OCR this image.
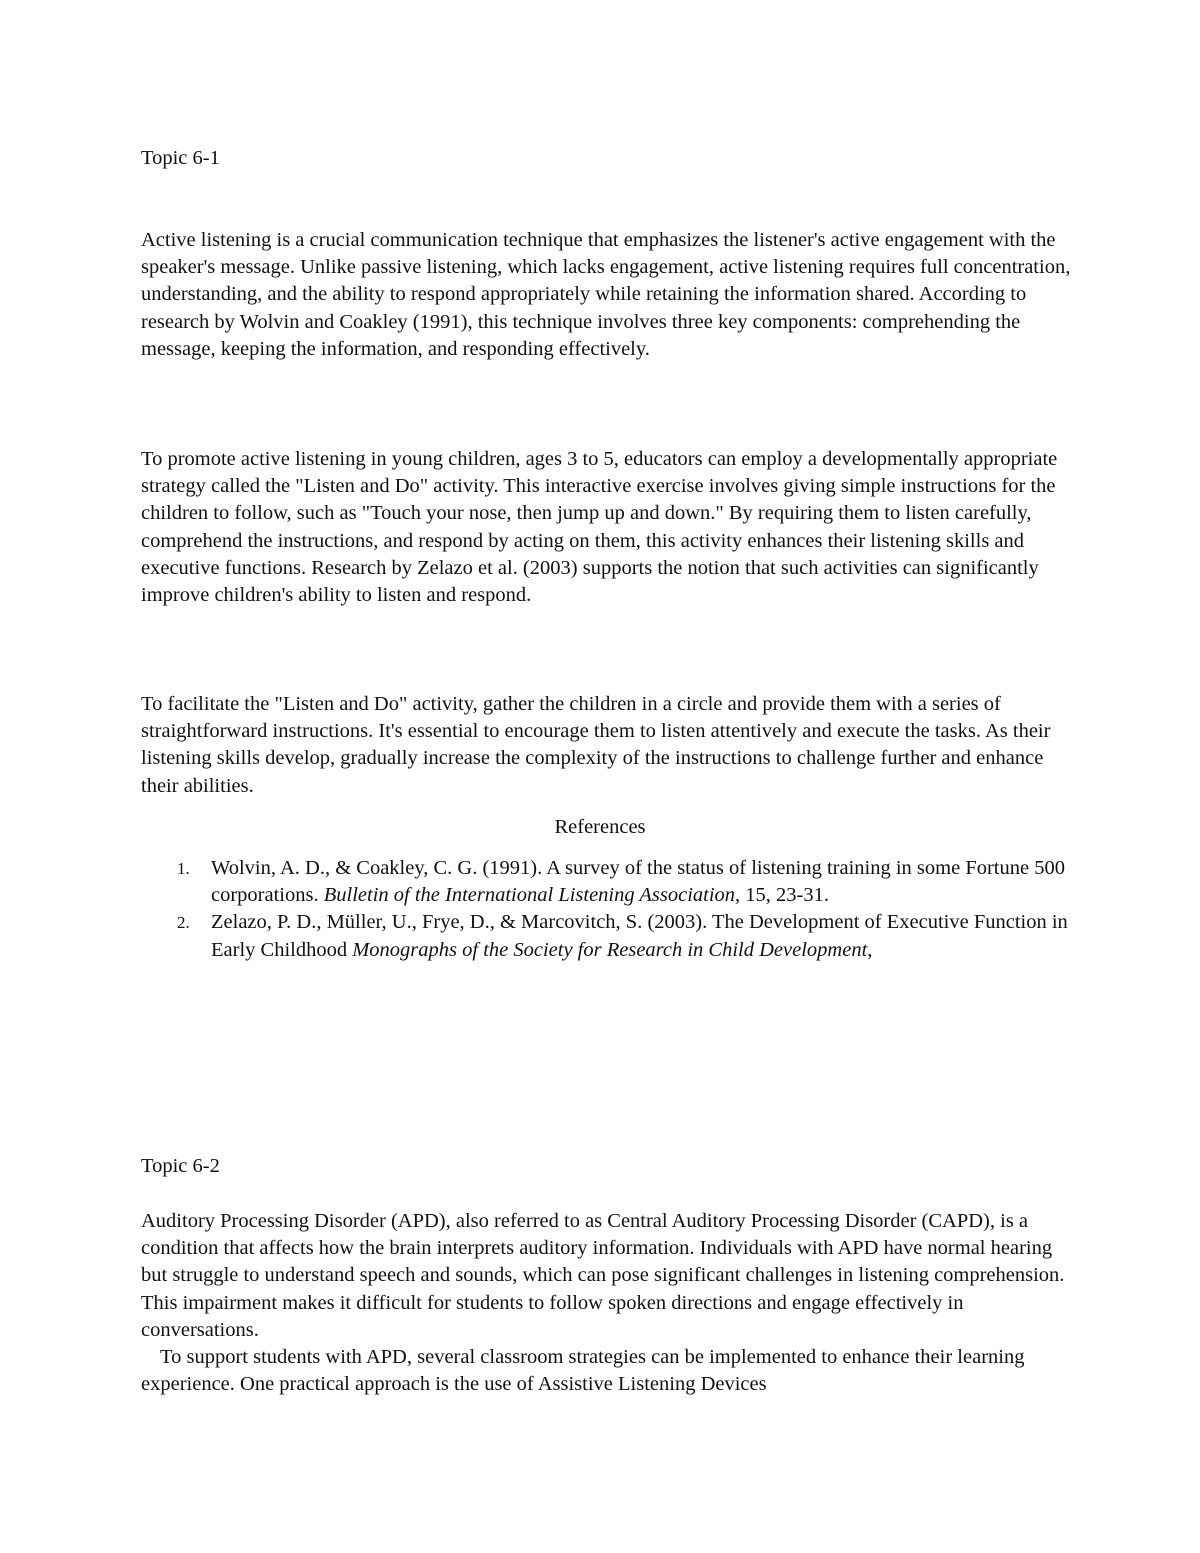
Topic 6-1

Active listening is a crucial communication technique that emphasizes the listener's active engagement with the speaker's message. Unlike passive listening, which lacks engagement, active listening requires full concentration, understanding, and the ability to respond appropriately while retaining the information shared. According to research by Wolvin and Coakley (1991), this technique involves three key components: comprehending the message, keeping the information, and responding effectively.

To promote active listening in young children, ages 3 to 5, educators can employ a developmentally appropriate strategy called the "Listen and Do" activity. This interactive exercise involves giving simple instructions for the children to follow, such as "Touch your nose, then jump up and down." By requiring them to listen carefully, comprehend the instructions, and respond by acting on them, this activity enhances their listening skills and executive functions. Research by Zelazo et al. (2003) supports the notion that such activities can significantly improve children's ability to listen and respond.

To facilitate the "Listen and Do" activity, gather the children in a circle and provide them with a series of straightforward instructions. It's essential to encourage them to listen attentively and execute the tasks. As their listening skills develop, gradually increase the complexity of the instructions to challenge further and enhance their abilities.

References

1. Wolvin, A. D., & Coakley, C. G. (1991). A survey of the status of listening training in some Fortune 500 corporations. Bulletin of the International Listening Association, 15, 23-31.
2. Zelazo, P. D., Müller, U., Frye, D., & Marcovitch, S. (2003). The Development of Executive Function in Early Childhood Monographs of the Society for Research in Child Development,

Topic 6-2

Auditory Processing Disorder (APD), also referred to as Central Auditory Processing Disorder (CAPD), is a condition that affects how the brain interprets auditory information. Individuals with APD have normal hearing but struggle to understand speech and sounds, which can pose significant challenges in listening comprehension. This impairment makes it difficult for students to follow spoken directions and engage effectively in conversations.

To support students with APD, several classroom strategies can be implemented to enhance their learning experience. One practical approach is the use of Assistive Listening Devices
